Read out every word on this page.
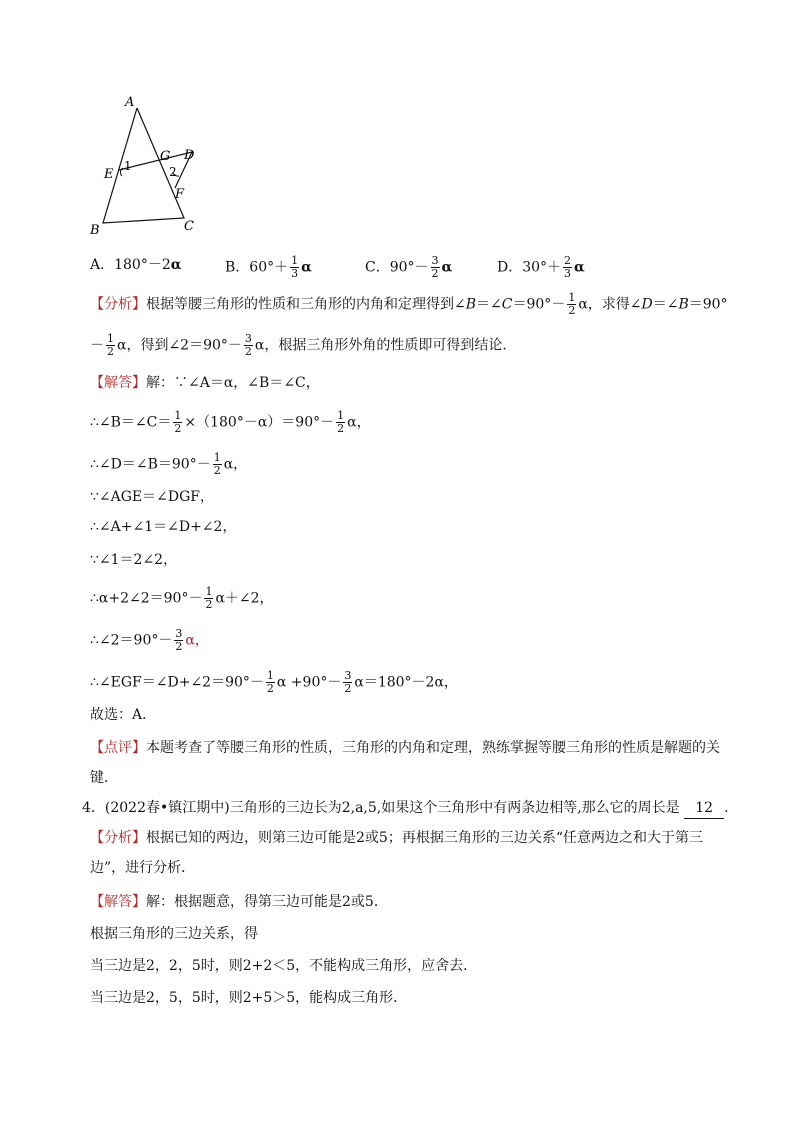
A
G D
E
1	2
F
B	C
A．180°－2α	B．$60^\circ+ \frac{1}{3}$ α	C．$90^\circ- \frac{3}{2}$ α	D．$30^\circ+ \frac{2}{3}$ α
【分析】根据等腰三角形的性质和三角形的内角和定理得到∠B＝∠C＝90°－ $\frac{1}{2}$ α，求得∠D＝∠B＝90°
－ $\frac{1}{2}$ α，得到∠2＝90°－ $\frac{3}{2}$ α，根据三角形外角的性质即可得到结论．
【解答】解：∵∠A＝α，∠B＝∠C，
∴∠B＝∠C＝ $\frac{1}{2} \times(180^\circ-\alpha)=90^\circ- \frac{1}{2}$ α，
∴∠D＝∠B＝90°－ $\frac{1}{2}$ α，
∵∠AGE＝∠DGF，
∴∠A+∠1＝∠D+∠2，
∵∠1＝2∠2，
∴α+2∠2＝90°－ $\frac{1}{2}$ α＋∠2，
∴∠2＝90°－ $\frac{3}{2}$ α，
∴∠EGF＝∠D+∠2＝90°－ $\frac{1}{2}$ $\alpha +90^\circ- \frac{3}{2} \alpha=180^\circ-2\alpha$，
故选：A．
【点评】本题考查了等腰三角形的性质，三角形的内角和定理，熟练掌握等腰三角形的性质是解题的关
键．
4．(2022春•镇江期中)三角形的三边长为2,a,5,如果这个三角形中有两条边相等,那么它的周长是 12 ．
【分析】根据已知的两边，则第三边可能是2或5；再根据三角形的三边关系“任意两边之和大于第三
边”，进行分析．
【解答】解：根据题意，得第三边可能是2或5．
根据三角形的三边关系，得
当三边是2，2，5时，则2+2＜5，不能构成三角形，应舍去．
当三边是2，5，5时，则2+5＞5，能构成三角形．
